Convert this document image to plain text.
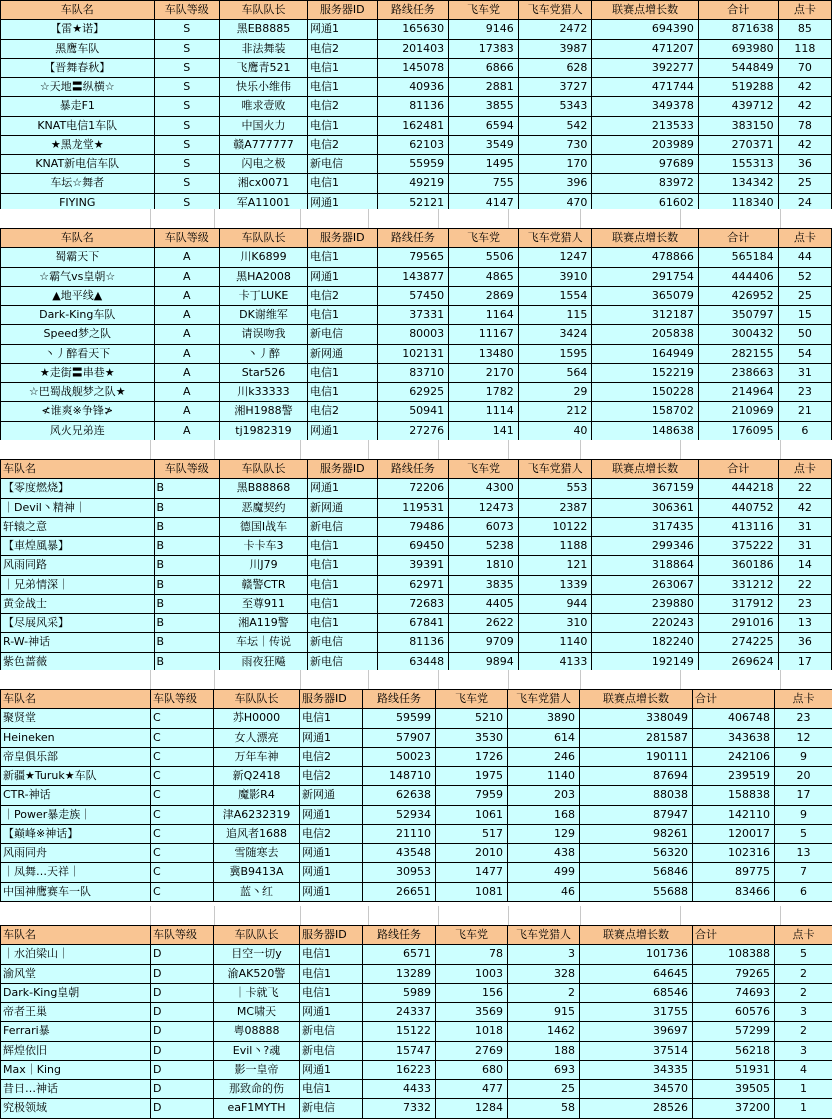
车队名	车队等级	车队队长	服务器ID	路线任务	飞车党	飞车党猎人	联赛点增长数	合计	点卡
【雷★诺】	S	黑EB8885	网通1	165630	9146	2472	694390	871638	85
黑鹰车队	S	非法舞装	电信2	201403	17383	3987	471207	693980	118
【晋舞春秋】	S	飞鹰青521	电信1	145078	6866	628	392277	544849	70
☆天地〓纵横☆	S	快乐小维伟	电信1	40936	2881	3727	471744	519288	42
暴走F1	S	唯求壹败	电信2	81136	3855	5343	349378	439712	42
KNAT电信1车队	S	中国火力	电信1	162481	6594	542	213533	383150	78
★黑龙堂★	S	赣A777777	电信2	62103	3549	730	203989	270371	42
KNAT新电信车队	S	闪电之极	新电信	55959	1495	170	97689	155313	36
车坛☆舞者	S	湘cx0071	电信1	49219	755	396	83972	134342	25
FIYING	S	军A11001	网通1	52121	4147	470	61602	118340	24
车队名	车队等级	车队队长	服务器ID	路线任务	飞车党	飞车党猎人	联赛点增长数	合计	点卡
蜀霸天下	A	川K6899	电信1	79565	5506	1247	478866	565184	44
☆霸气vs皇朝☆	A	黑HA2008	网通1	143877	4865	3910	291754	444406	52
▲地平线▲	A	卡丁LUKE	电信2	57450	2869	1554	365079	426952	25
Dark-King车队	A	DK谢维军	电信1	37331	1164	115	312187	350797	15
Speed梦之队	A	请误吻我	新电信	80003	11167	3424	205838	300432	50
丶丿醉看天下	A	丶丿醉	新网通	102131	13480	1595	164949	282155	54
★走街〓串巷★	A	Star526	电信1	83710	2170	564	152219	238663	31
☆巴蜀战舰梦之队★	A	川k33333	电信1	62925	1782	29	150228	214964	23
≮谁爽※争锋≯	A	湘H1988警	电信2	50941	1114	212	158702	210969	21
风火兄弟连	A	tj1982319	网通1	27276	141	40	148638	176095	6
车队名	车队等级	车队队长	服务器ID	路线任务	飞车党	飞车党猎人	联赛点增长数	合计	点卡
【零度燃烧】	B	黑B88868	网通1	72206	4300	553	367159	444218	22
｜Devil丶精神｜	B	恶魔契约	新网通	119531	12473	2387	306361	440752	42
轩辕之意	B	德国I战车	新电信	79486	6073	10122	317435	413116	31
【車煌風暴】	B	卡卡车3	电信1	69450	5238	1188	299346	375222	31
风雨同路	B	川J79	电信1	39391	1810	121	318864	360186	14
｜兄弟情深｜	B	赣警CTR	电信1	62971	3835	1339	263067	331212	22
黄金战士	B	至尊911	电信1	72683	4405	944	239880	317912	23
【尽展风采】	B	湘A119警	电信1	67841	2622	310	220243	291016	13
R-W-神话	B	车坛｜传说	新电信	81136	9709	1140	182240	274225	36
紫色蔷薇	B	雨夜狂飚	新电信	63448	9894	4133	192149	269624	17
车队名	车队等级	车队队长	服务器ID	路线任务	飞车党	飞车党猎人	联赛点增长数	合计	点卡
聚贤堂	C	苏H0000	电信1	59599	5210	3890	338049	406748	23
Heineken	C	女人漂亮	网通1	57907	3530	614	281587	343638	12
帝皇俱乐部	C	万年车神	电信2	50023	1726	246	190111	242106	9
新疆★Turuk★车队	C	新Q2418	电信2	148710	1975	1140	87694	239519	20
CTR-神话	C	魔影R4	新网通	62638	7959	203	88038	158838	17
｜Power暴走族｜	C	津A6232319	网通1	52934	1061	168	87947	142110	9
【巅峰※神话】	C	追风者1688	电信2	21110	517	129	98261	120017	5
风雨同舟	C	雪随寒去	网通1	43548	2010	438	56320	102316	13
｜凤舞…天祥｜	C	冀B9413A	网通1	30953	1477	499	56846	89775	7
中国神鹰赛车一队	C	蓝丶红	网通1	26651	1081	46	55688	83466	6
车队名	车队等级	车队队长	服务器ID	路线任务	飞车党	飞车党猎人	联赛点增长数	合计	点卡
｜水泊梁山｜	D	目空一切y	电信1	6571	78	3	101736	108388	5
渝风堂	D	渝AK520警	电信1	13289	1003	328	64645	79265	2
Dark-King皇朝	D	｜卡就飞	电信1	5989	156	2	68546	74693	2
帝者王巢	D	MC啸天	网通1	24337	3569	915	31755	60576	3
Ferrari暴	D	粤08888	新电信	15122	1018	1462	39697	57299	2
辉煌依旧	D	Evil丶?魂	新电信	15747	2769	188	37514	56218	3
Max｜King	D	影一皇帝	网通1	16223	680	693	34335	51931	4
昔日…神话	D	那致命的伤	电信1	4433	477	25	34570	39505	1
究极领域	D	eaF1MYTH	新电信	7332	1284	58	28526	37200	1
